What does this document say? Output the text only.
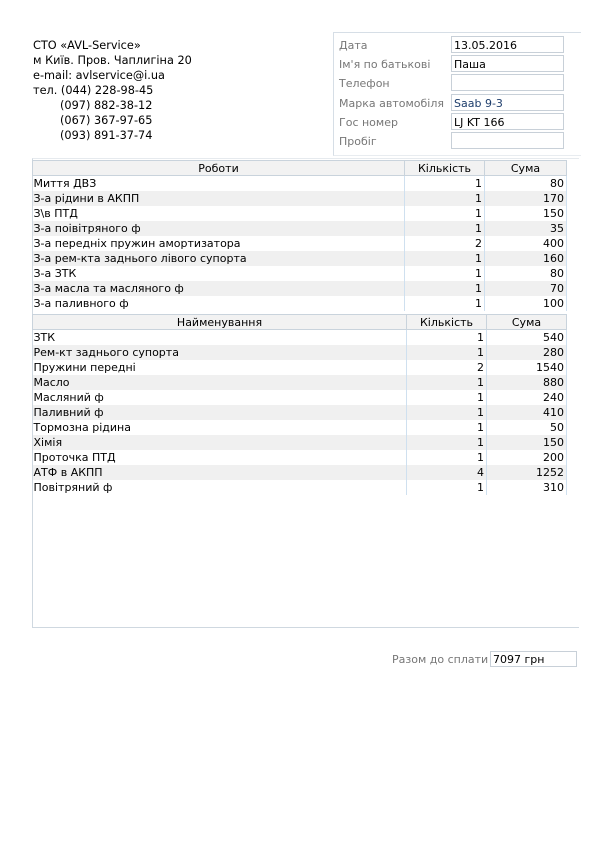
СТО «AVL-Service»
м Київ. Пров. Чаплигіна 20
e-mail: avlservice@i.ua
тел. (044) 228-98-45
(097) 882-38-12
(067) 367-97-65
(093) 891-37-74
Дата	13.05.2016
Ім'я по батькові Паша
Телефон
Марка автомобіля Saab 9-3
Гос номер	LJ KT 166
Пробіг
Роботи	Кількість	Сума
Миття ДВЗ	1	80
З-а рідини в АКПП	1	170
З\в ПТД	1	150
З-а поівітряного ф	1	35
З-а передніх пружин амортизатора	2	400
З-а рем-кта заднього лівого супорта	1	160
З-а ЗТК	1	80
З-а масла та масляного ф	1	70
З-а паливного ф	1	100
Найменування	Кількість	Сума
ЗТК	1	540
Рем-кт заднього супорта	1	280
Пружини передні	2	1540
Масло	1	880
Масляний ф	1	240
Паливний ф	1	410
Тормозна рідина	1	50
Хімія	1	150
Проточка ПТД	1	200
АТФ в АКПП	4	1252
Повітряний ф	1	310
Разом до сплати 7097 грн
